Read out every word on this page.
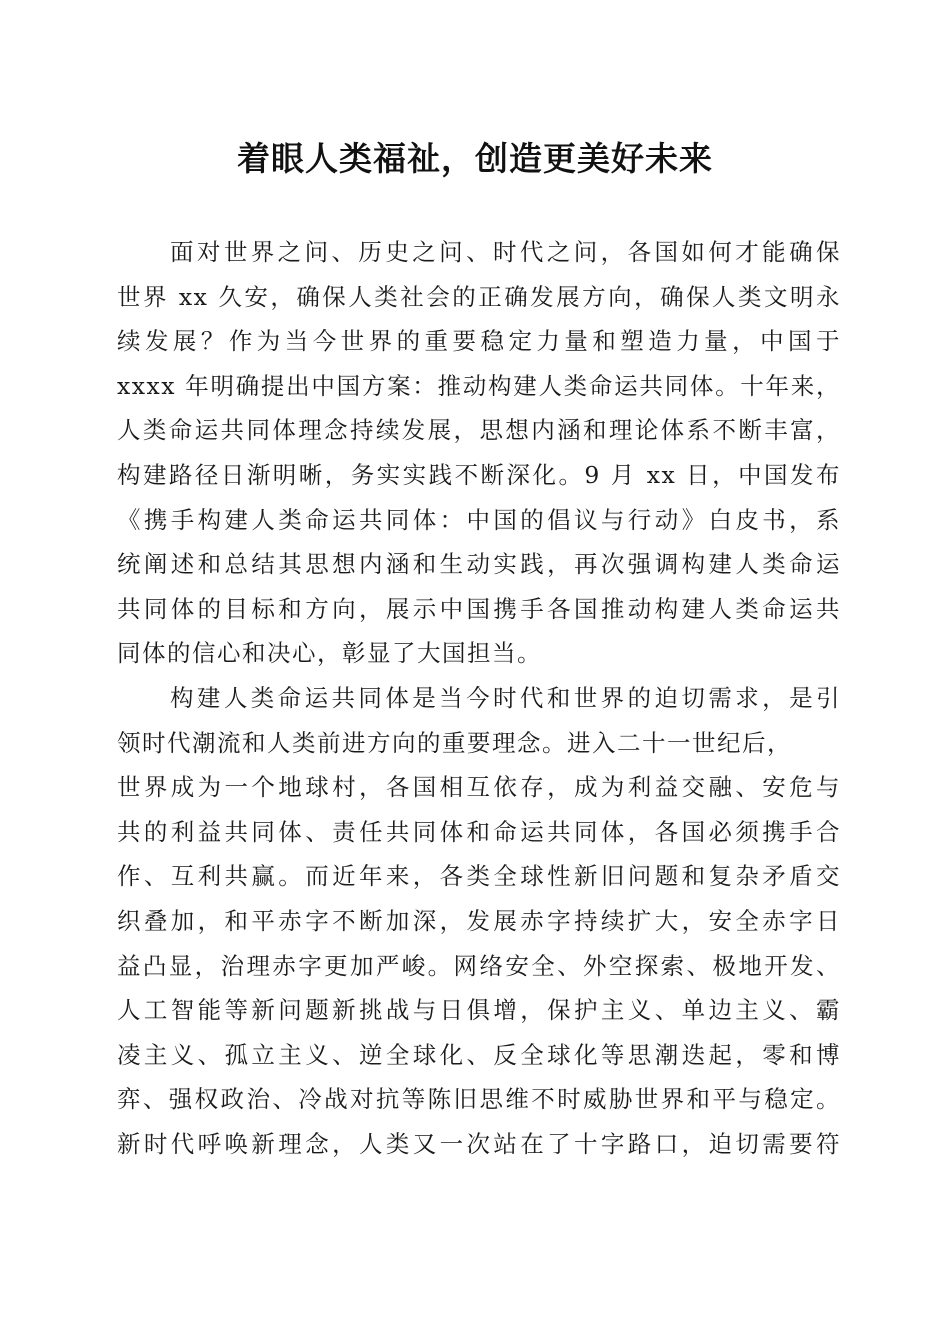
着眼人类福祉，创造更美好未来
面对世界之问、历史之问、时代之问，各国如何才能确保
世界 xx 久安，确保人类社会的正确发展方向，确保人类文明永
续发展？作为当今世界的重要稳定力量和塑造力量，中国于
xxxx 年明确提出中国方案：推动构建人类命运共同体。十年来，
人类命运共同体理念持续发展，思想内涵和理论体系不断丰富，
构建路径日渐明晰，务实实践不断深化。9 月 xx 日，中国发布
《携手构建人类命运共同体：中国的倡议与行动》白皮书，系
统阐述和总结其思想内涵和生动实践，再次强调构建人类命运
共同体的目标和方向，展示中国携手各国推动构建人类命运共
同体的信心和决心，彰显了大国担当。
构建人类命运共同体是当今时代和世界的迫切需求，是引
领时代潮流和人类前进方向的重要理念。进入二十一世纪后，
世界成为一个地球村，各国相互依存，成为利益交融、安危与
共的利益共同体、责任共同体和命运共同体，各国必须携手合
作、互利共赢。而近年来，各类全球性新旧问题和复杂矛盾交
织叠加，和平赤字不断加深，发展赤字持续扩大，安全赤字日
益凸显，治理赤字更加严峻。网络安全、外空探索、极地开发、
人工智能等新问题新挑战与日俱增，保护主义、单边主义、霸
凌主义、孤立主义、逆全球化、反全球化等思潮迭起，零和博
弈、强权政治、冷战对抗等陈旧思维不时威胁世界和平与稳定。
新时代呼唤新理念，人类又一次站在了十字路口，迫切需要符
